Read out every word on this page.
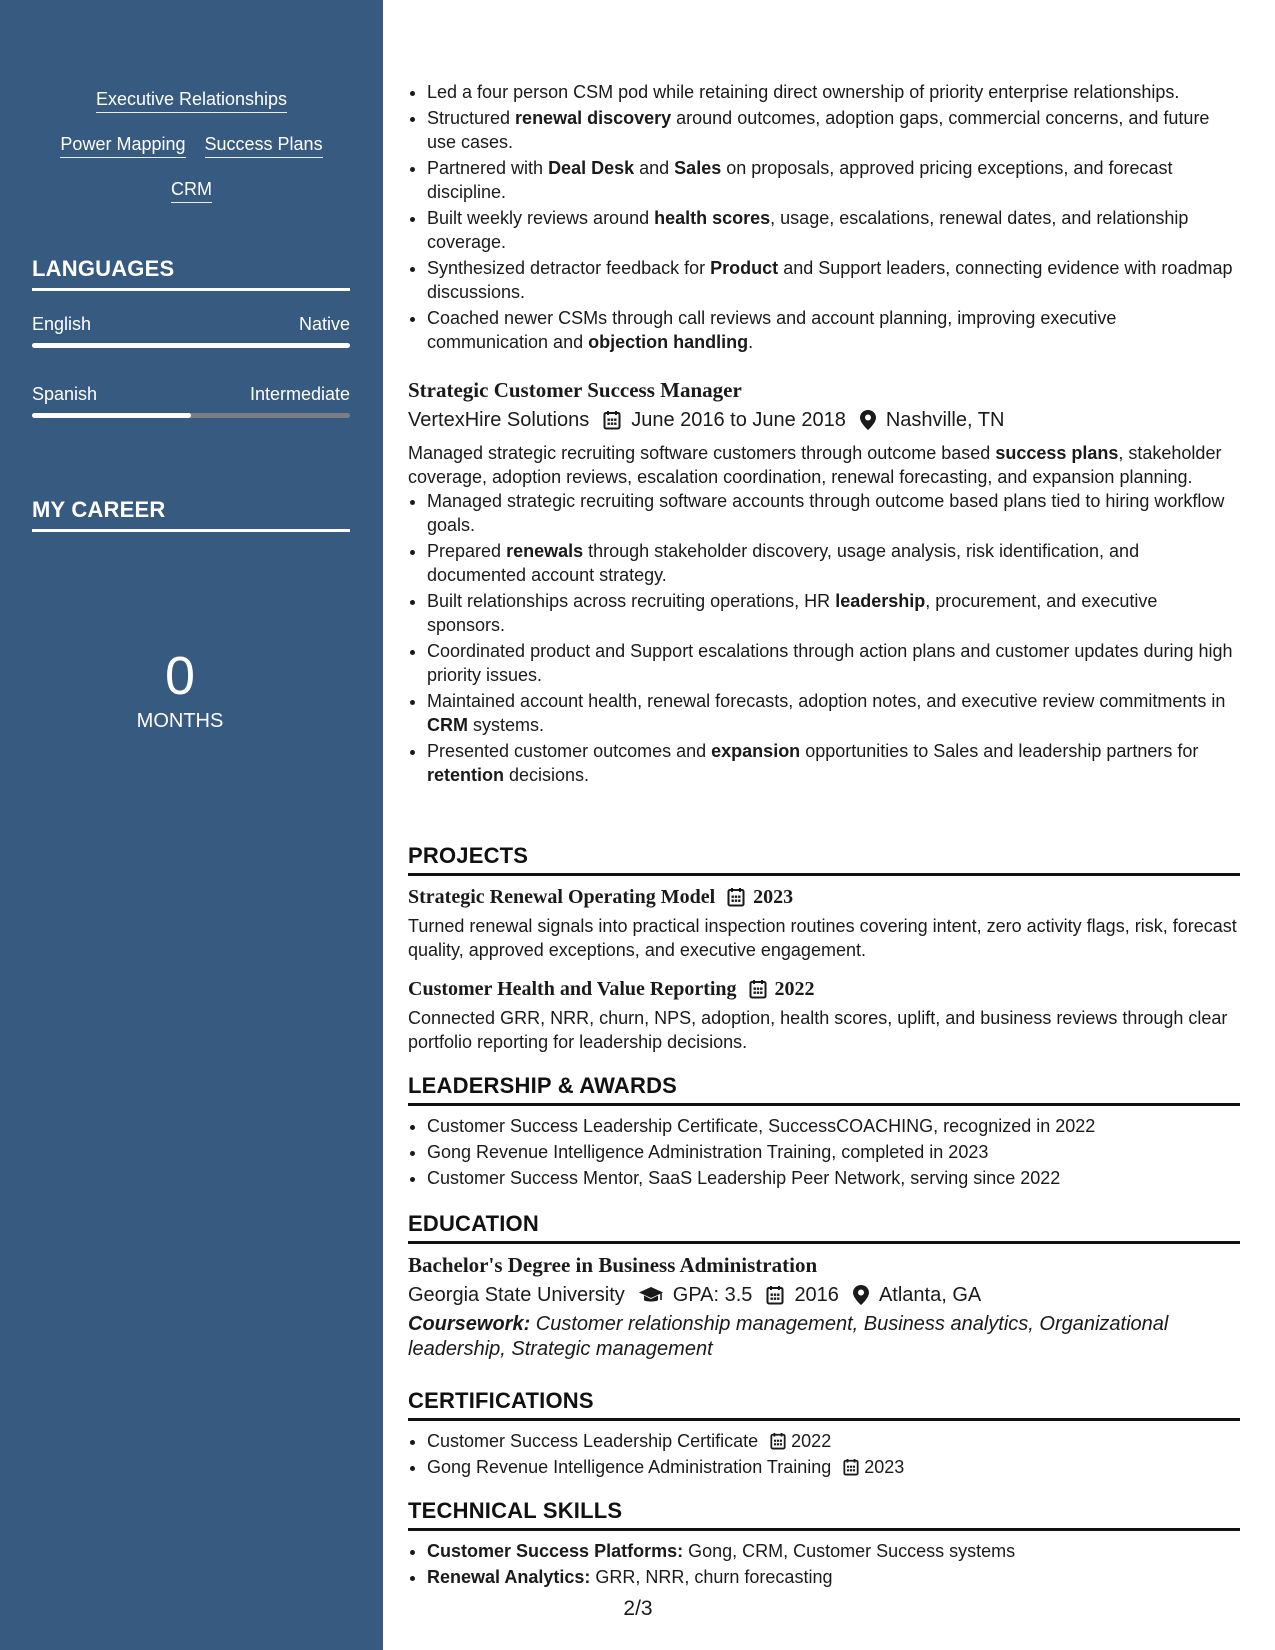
Executive Relationships
Power Mapping Success Plans
CRM
LANGUAGES
English	Native
Spanish	Intermediate
MY CAREER
0
MONTHS
• Led a four person CSM pod while retaining direct ownership of priority enterprise relationships.
• Structured renewal discovery around outcomes, adoption gaps, commercial concerns, and future use cases.
• Partnered with Deal Desk and Sales on proposals, approved pricing exceptions, and forecast discipline.
• Built weekly reviews around health scores, usage, escalations, renewal dates, and relationship coverage.
• Synthesized detractor feedback for Product and Support leaders, connecting evidence with roadmap discussions.
• Coached newer CSMs through call reviews and account planning, improving executive communication and objection handling.
Strategic Customer Success Manager
VertexHire Solutions June 2016 to June 2018 Nashville, TN

Managed strategic recruiting software customers through outcome based success plans, stakeholder coverage, adoption reviews, escalation coordination, renewal forecasting, and expansion planning.

• Managed strategic recruiting software accounts through outcome based plans tied to hiring workflow goals.
• Prepared renewals through stakeholder discovery, usage analysis, risk identification, and documented account strategy.
• Built relationships across recruiting operations, HR leadership, procurement, and executive sponsors.
• Coordinated product and Support escalations through action plans and customer updates during high priority issues.
• Maintained account health, renewal forecasts, adoption notes, and executive review commitments in CRM systems.
• Presented customer outcomes and expansion opportunities to Sales and leadership partners for retention decisions.
PROJECTS
Strategic Renewal Operating Model 2023

Turned renewal signals into practical inspection routines covering intent, zero activity flags, risk, forecast quality, approved exceptions, and executive engagement.

Customer Health and Value Reporting 2022

Connected GRR, NRR, churn, NPS, adoption, health scores, uplift, and business reviews through clear portfolio reporting for leadership decisions.

LEADERSHIP & AWARDS
• Customer Success Leadership Certificate, SuccessCOACHING, recognized in 2022
• Gong Revenue Intelligence Administration Training, completed in 2023
• Customer Success Mentor, SaaS Leadership Peer Network, serving since 2022
EDUCATION
Bachelor's Degree in Business Administration
Georgia State University GPA: 3.5 2016 Atlanta, GA

Coursework: Customer relationship management, Business analytics, Organizational leadership, Strategic management

CERTIFICATIONS
• Customer Success Leadership Certificate 2022
• Gong Revenue Intelligence Administration Training 2023
TECHNICAL SKILLS
• Customer Success Platforms: Gong, CRM, Customer Success systems
• Renewal Analytics: GRR, NRR, churn forecasting
2/3
